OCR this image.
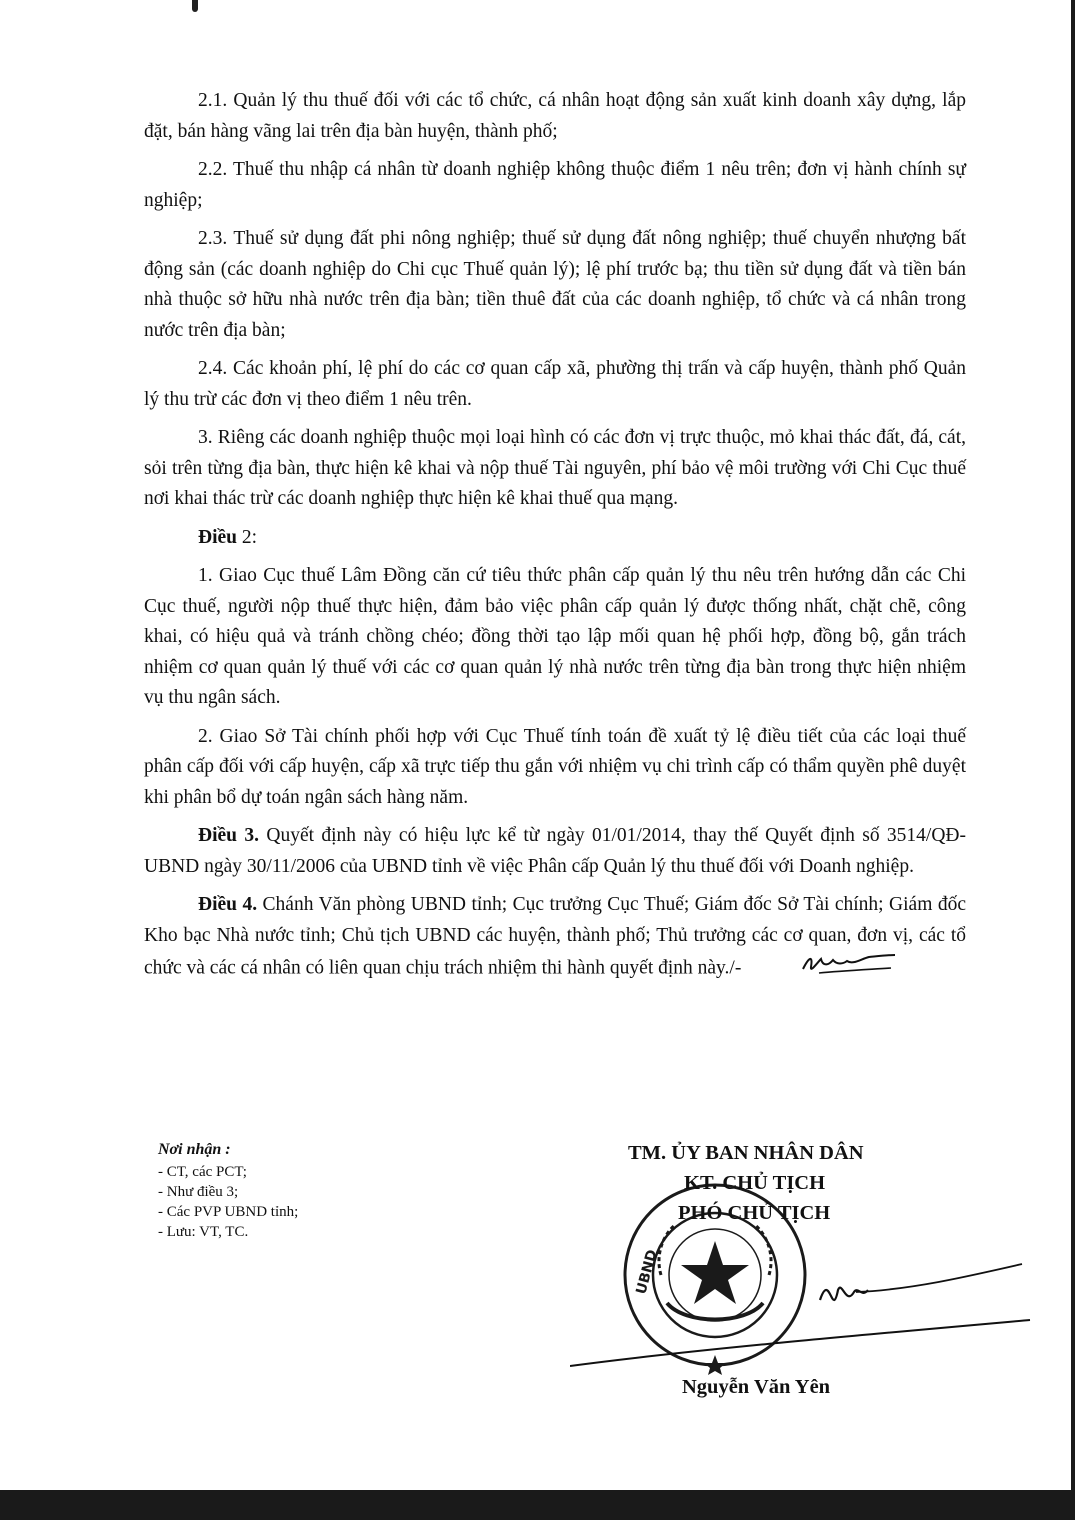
2.1. Quản lý thu thuế đối với các tổ chức, cá nhân hoạt động sản xuất kinh doanh xây dựng, lắp đặt, bán hàng vãng lai trên địa bàn huyện, thành phố;

2.2. Thuế thu nhập cá nhân từ doanh nghiệp không thuộc điểm 1 nêu trên; đơn vị hành chính sự nghiệp;

2.3. Thuế sử dụng đất phi nông nghiệp; thuế sử dụng đất nông nghiệp; thuế chuyển nhượng bất động sản (các doanh nghiệp do Chi cục Thuế quản lý); lệ phí trước bạ; thu tiền sử dụng đất và tiền bán nhà thuộc sở hữu nhà nước trên địa bàn; tiền thuê đất của các doanh nghiệp, tổ chức và cá nhân trong nước trên địa bàn;

2.4. Các khoản phí, lệ phí do các cơ quan cấp xã, phường thị trấn và cấp huyện, thành phố Quản lý thu trừ các đơn vị theo điểm 1 nêu trên.

3. Riêng các doanh nghiệp thuộc mọi loại hình có các đơn vị trực thuộc, mỏ khai thác đất, đá, cát, sỏi trên từng địa bàn, thực hiện kê khai và nộp thuế Tài nguyên, phí bảo vệ môi trường với Chi Cục thuế nơi khai thác trừ các doanh nghiệp thực hiện kê khai thuế qua mạng.

Điều 2:

1. Giao Cục thuế Lâm Đồng căn cứ tiêu thức phân cấp quản lý thu nêu trên hướng dẫn các Chi Cục thuế, người nộp thuế thực hiện, đảm bảo việc phân cấp quản lý được thống nhất, chặt chẽ, công khai, có hiệu quả và tránh chồng chéo; đồng thời tạo lập mối quan hệ phối hợp, đồng bộ, gắn trách nhiệm cơ quan quản lý thuế với các cơ quan quản lý nhà nước trên từng địa bàn trong thực hiện nhiệm vụ thu ngân sách.

2. Giao Sở Tài chính phối hợp với Cục Thuế tính toán đề xuất tỷ lệ điều tiết của các loại thuế phân cấp đối với cấp huyện, cấp xã trực tiếp thu gắn với nhiệm vụ chi trình cấp có thẩm quyền phê duyệt khi phân bổ dự toán ngân sách hàng năm.

Điều 3. Quyết định này có hiệu lực kể từ ngày 01/01/2014, thay thế Quyết định số 3514/QĐ-UBND ngày 30/11/2006 của UBND tỉnh về việc Phân cấp Quản lý thu thuế đối với Doanh nghiệp.

Điều 4. Chánh Văn phòng UBND tỉnh; Cục trưởng Cục Thuế; Giám đốc Sở Tài chính; Giám đốc Kho bạc Nhà nước tỉnh; Chủ tịch UBND các huyện, thành phố; Thủ trưởng các cơ quan, đơn vị, các tổ chức và các cá nhân có liên quan chịu trách nhiệm thi hành quyết định này./-

Nơi nhận :
- CT, các PCT;
- Như điều 3;
- Các PVP UBND tỉnh;
- Lưu: VT, TC.
UBND
TM. ỦY BAN NHÂN DÂN
KT. CHỦ TỊCH
PHÓ CHỦ TỊCH
Nguyễn Văn Yên
